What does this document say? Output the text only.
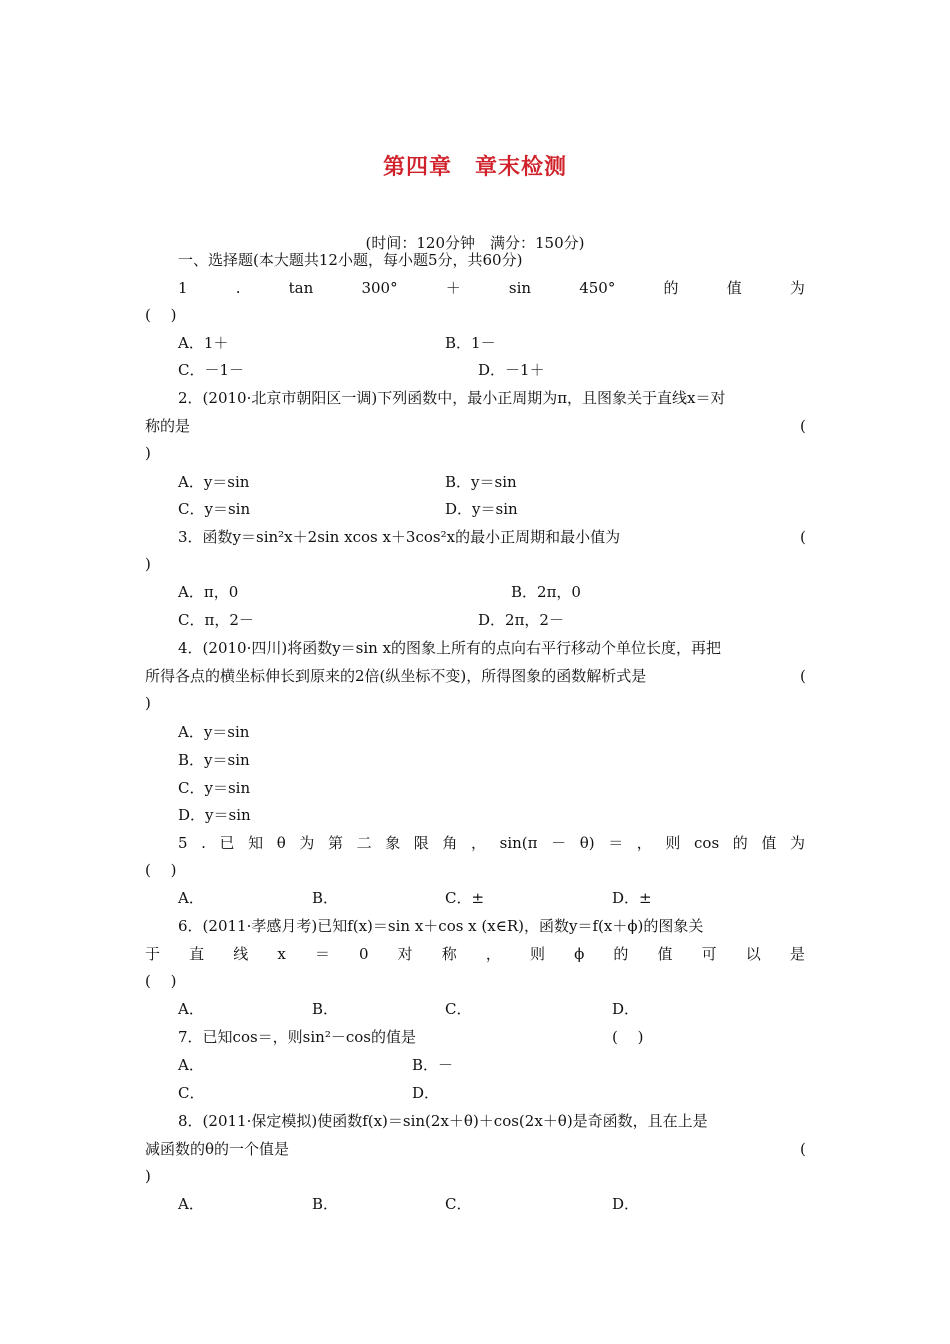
第四章　章末检测
(时间：120分钟　满分：150分)
一、选择题(本大题共12小题，每小题5分，共60分)
1	.	tan	300°	＋	sin	450°	的	值	为
(　 )
A．1＋	B．1－
C．－1－	D．－1＋
2．(2010·北京市朝阳区一调)下列函数中，最小正周期为π，且图象关于直线x＝对
称的是	(
)
A．y＝sin	B．y＝sin
C．y＝sin	D．y＝sin
3．函数y＝sin²x＋2sin xcos x＋3cos²x的最小正周期和最小值为	(
)
A．π，0	B．2π，0
C．π，2－	D．2π，2－
4．(2010·四川)将函数y＝sin x的图象上所有的点向右平行移动个单位长度，再把
所得各点的横坐标伸长到原来的2倍(纵坐标不变)，所得图象的函数解析式是	(
)
A．y＝sin
B．y＝sin
C．y＝sin
D．y＝sin
5 . 已 知 θ 为 第 二 象 限 角 ， sin(π － θ) ＝ ， 则 cos 的 值 为
(　 )
A．	B．	C．±	D．±
6．(2011·孝感月考)已知f(x)＝sin x＋cos x (x∈R)，函数y＝f(x＋ϕ)的图象关
于 直 线 x ＝ 0 对 称 ， 则 ϕ 的 值 可 以 是
(　 )
A．	B．	C．	D．
7．已知cos＝，则sin²－cos的值是	(　 )
A．	B．－
C．	D．
8．(2011·保定模拟)使函数f(x)＝sin(2x＋θ)＋cos(2x＋θ)是奇函数，且在上是
减函数的θ的一个值是	(
)
A．	B．	C．	D．
